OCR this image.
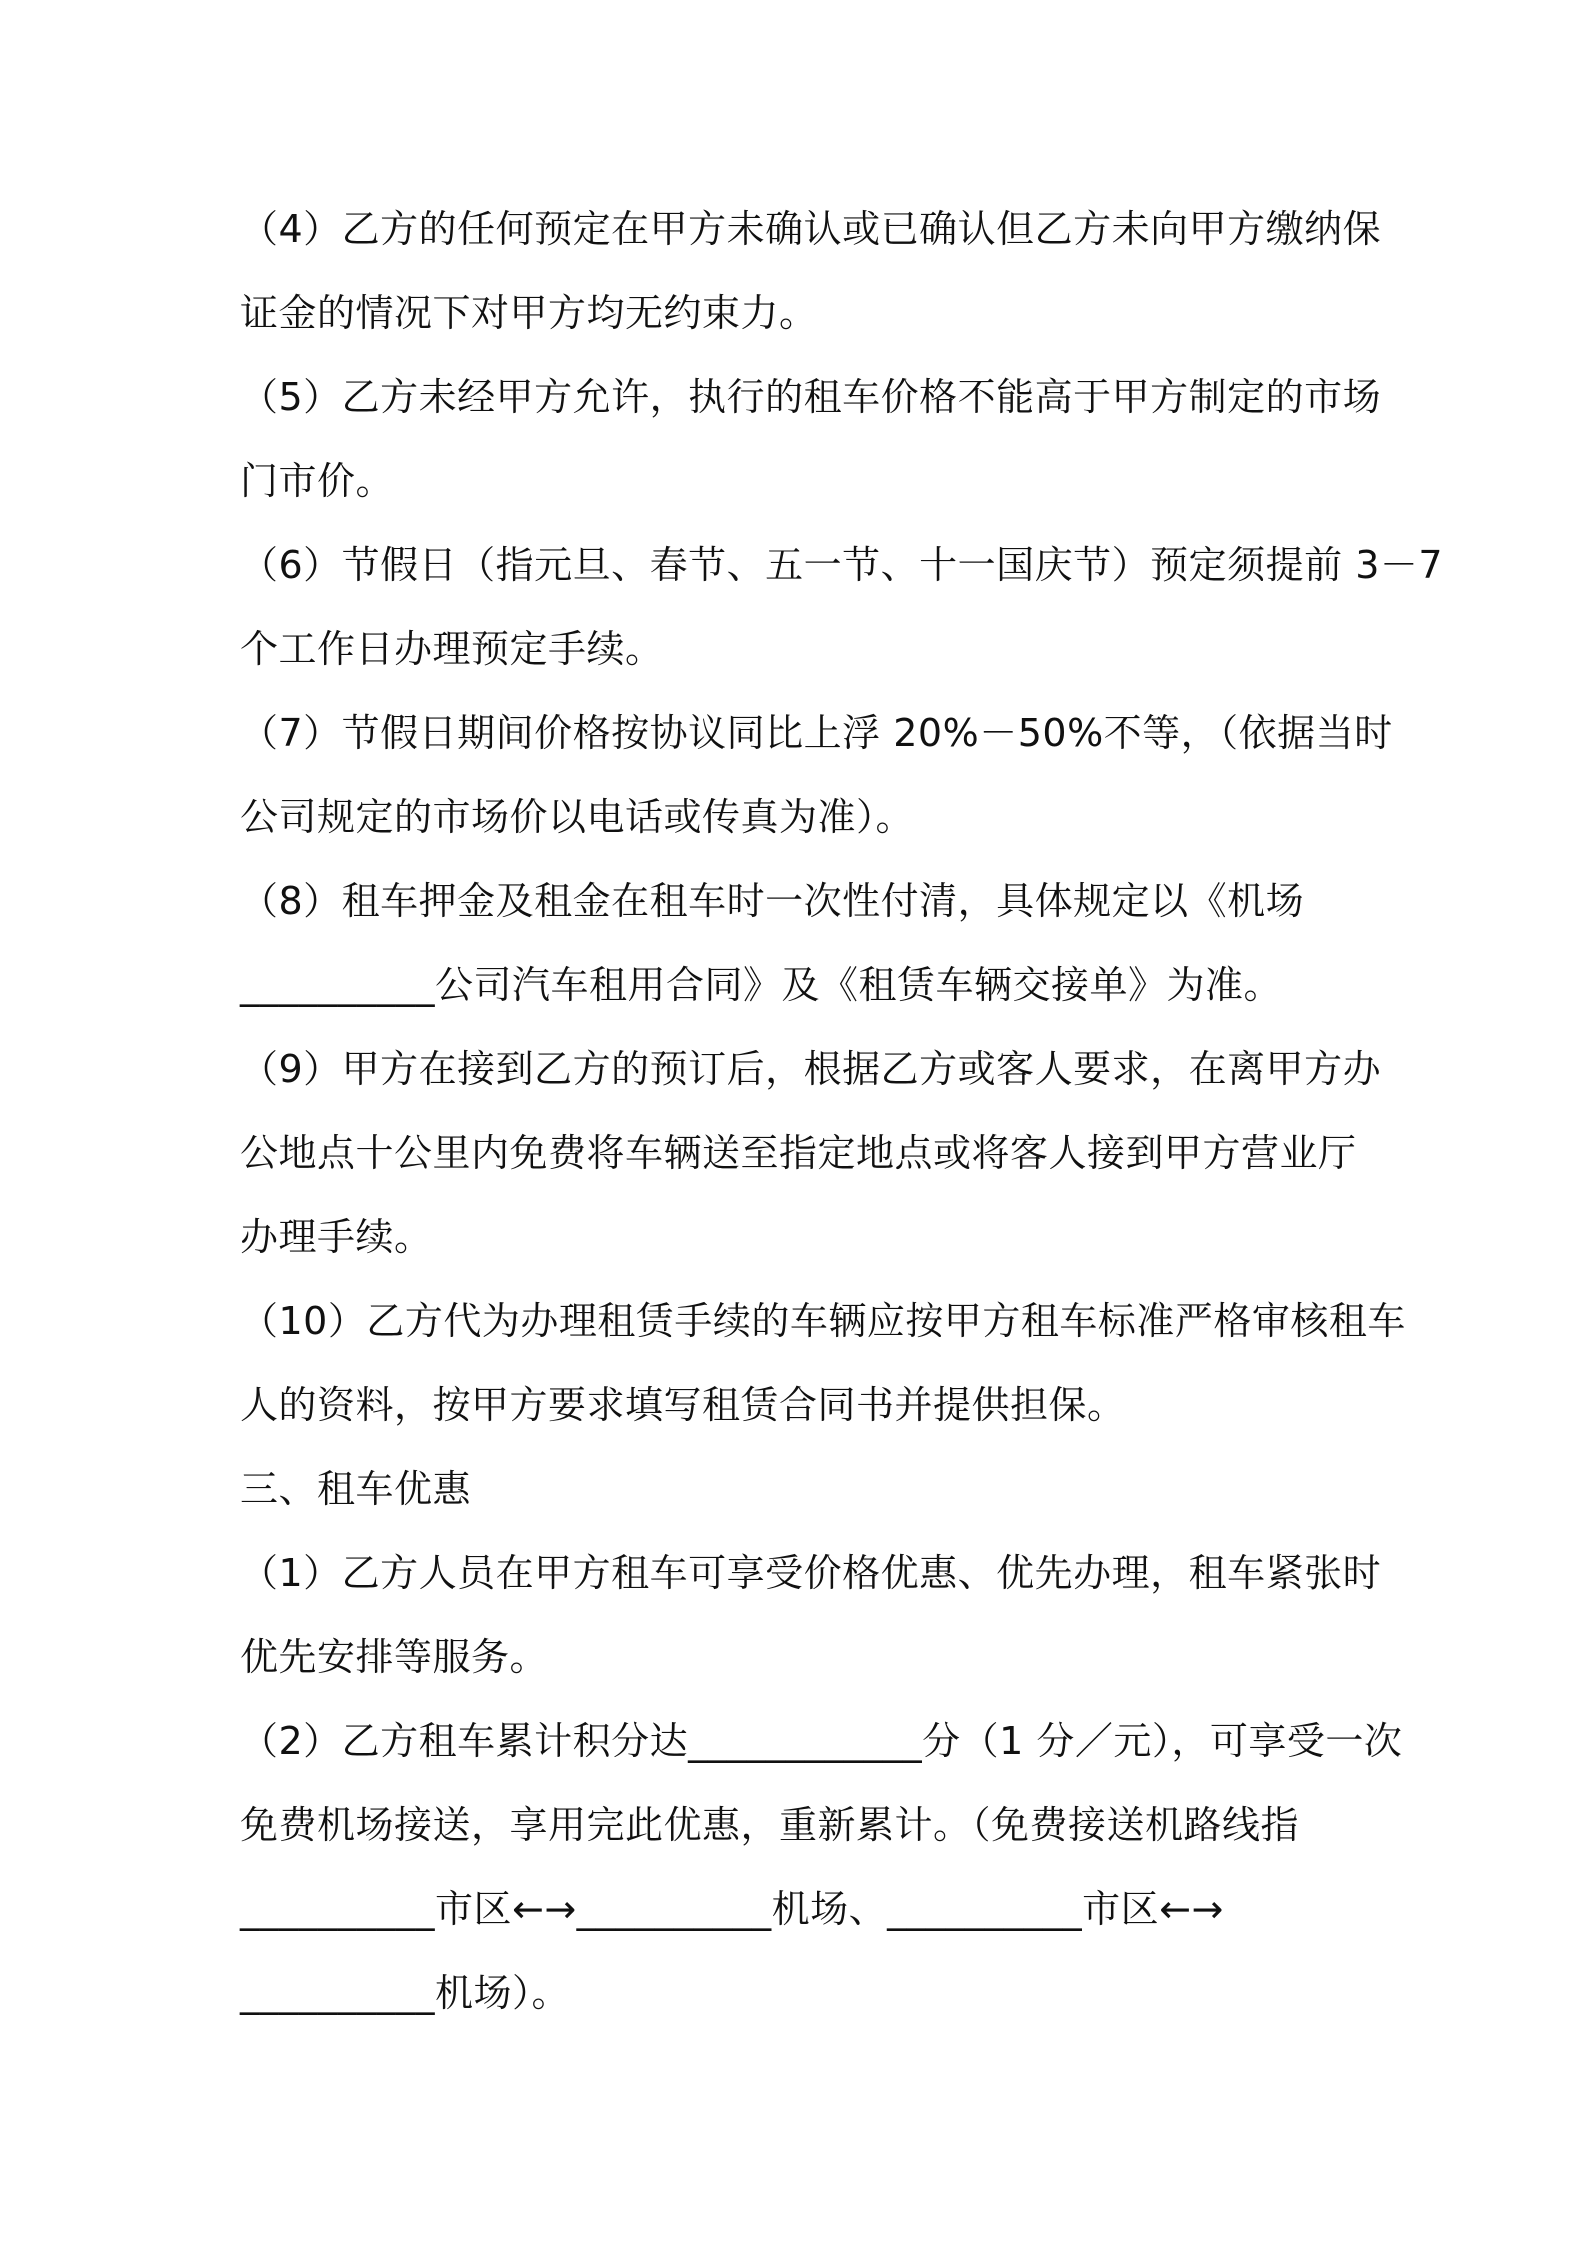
（4）乙方的任何预定在甲方未确认或已确认但乙方未向甲方缴纳保
证金的情况下对甲方均无约束力。
（5）乙方未经甲方允许，执行的租车价格不能高于甲方制定的市场
门市价。
（6）节假日（指元旦、春节、五一节、十一国庆节）预定须提前 3－7
个工作日办理预定手续。
（7）节假日期间价格按协议同比上浮 20%－50%不等，（依据当时
公司规定的市场价以电话或传真为准）。
（8）租车押金及租金在租车时一次性付清，具体规定以《机场
__________公司汽车租用合同》及《租赁车辆交接单》为准。
（9）甲方在接到乙方的预订后，根据乙方或客人要求，在离甲方办
公地点十公里内免费将车辆送至指定地点或将客人接到甲方营业厅
办理手续。
（10）乙方代为办理租赁手续的车辆应按甲方租车标准严格审核租车
人的资料，按甲方要求填写租赁合同书并提供担保。
三、租车优惠
（1）乙方人员在甲方租车可享受价格优惠、优先办理，租车紧张时
优先安排等服务。
（2）乙方租车累计积分达____________分（1 分／元），可享受一次
免费机场接送，享用完此优惠，重新累计。（免费接送机路线指
__________市区←→__________机场、__________市区←→
__________机场）。
